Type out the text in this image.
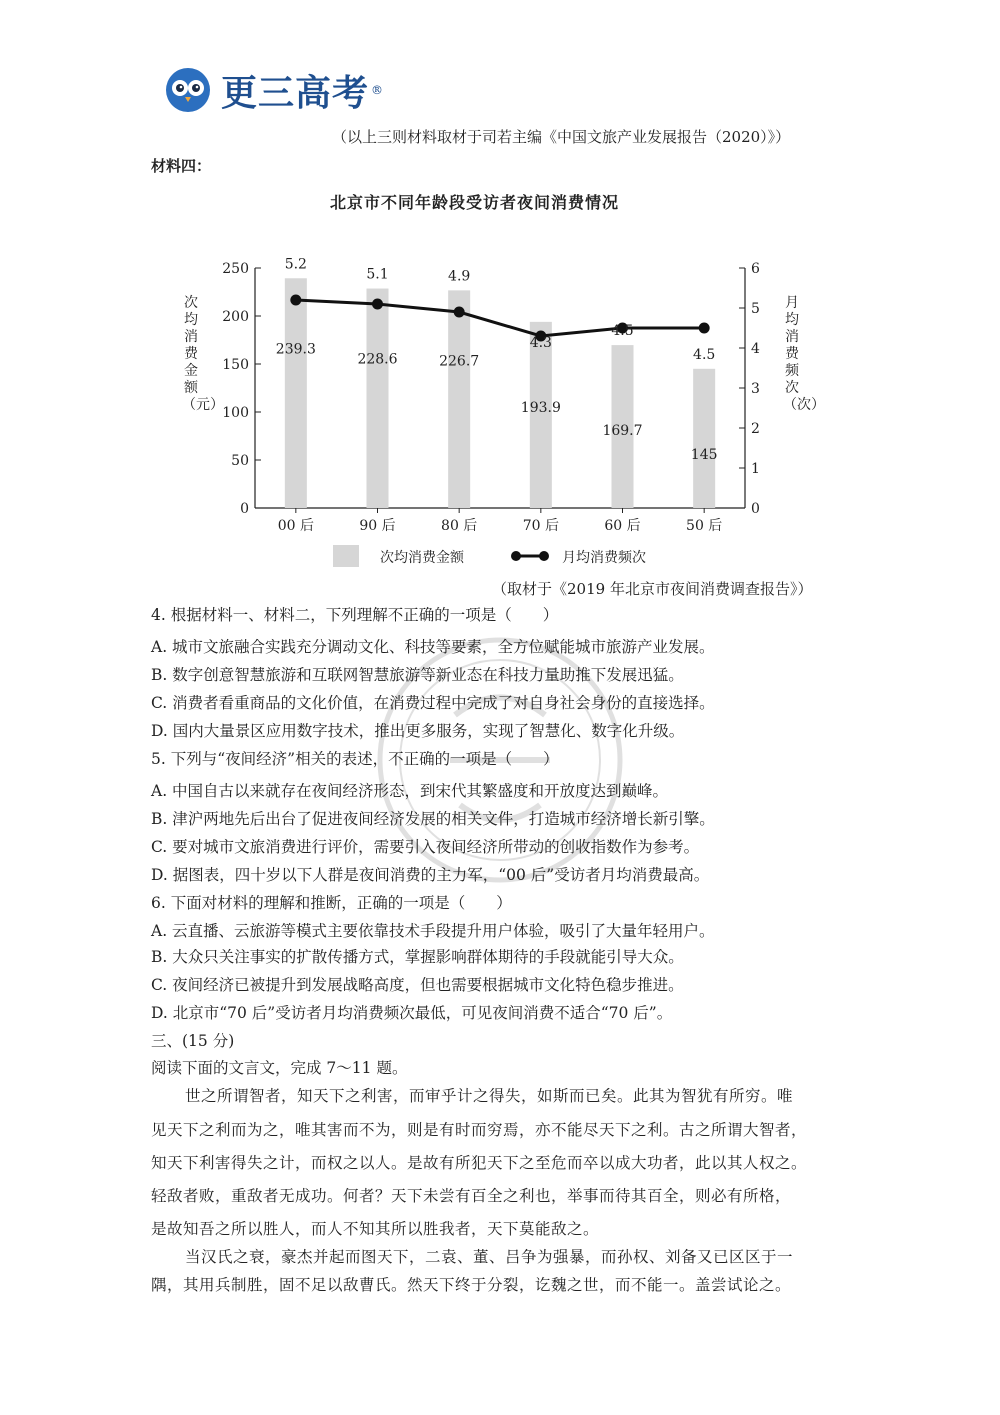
更三高考 ®
（以上三则材料取材于司若主编《中国文旅产业发展报告（2020）》）
材料四：
北京市不同年龄段受访者夜间消费情况
0
50
100
150
200
250
0
1
2
3
4
5
6
239.3
228.6	226.7
193.9
169.7
145
5.2
5.1	4.9
4.3
4.5
4.5
00 后	90 后	80 后	70 后	60 后	50 后
次均消费金额	月均消费频次
次均消费金额（元）
月均消费频次（次）
（取材于《2019 年北京市夜间消费调查报告》）
4. 根据材料一、材料二，下列理解不正确的一项是（　　）
A. 城市文旅融合实践充分调动文化、科技等要素，全方位赋能城市旅游产业发展。
B. 数字创意智慧旅游和互联网智慧旅游等新业态在科技力量助推下发展迅猛。
C. 消费者看重商品的文化价值，在消费过程中完成了对自身社会身份的直接选择。
D. 国内大量景区应用数字技术，推出更多服务，实现了智慧化、数字化升级。
5. 下列与“夜间经济”相关的表述，不正确的一项是（　　）
A. 中国自古以来就存在夜间经济形态，到宋代其繁盛度和开放度达到巅峰。
B. 津沪两地先后出台了促进夜间经济发展的相关文件，打造城市经济增长新引擎。
C. 要对城市文旅消费进行评价，需要引入夜间经济所带动的创收指数作为参考。
D. 据图表，四十岁以下人群是夜间消费的主力军，“00 后”受访者月均消费最高。
6. 下面对材料的理解和推断，正确的一项是（　　）
A. 云直播、云旅游等模式主要依靠技术手段提升用户体验，吸引了大量年轻用户。
B. 大众只关注事实的扩散传播方式，掌握影响群体期待的手段就能引导大众。
C. 夜间经济已被提升到发展战略高度，但也需要根据城市文化特色稳步推进。
D. 北京市“70 后”受访者月均消费频次最低，可见夜间消费不适合“70 后”。
三、(15 分)
阅读下面的文言文，完成 7～11 题。
世之所谓智者，知天下之利害，而审乎计之得失，如斯而已矣。此其为智犹有所穷。唯
见天下之利而为之，唯其害而不为，则是有时而穷焉，亦不能尽天下之利。古之所谓大智者，
知天下利害得失之计，而权之以人。是故有所犯天下之至危而卒以成大功者，此以其人权之。
轻敌者败，重敌者无成功。何者？天下未尝有百全之利也，举事而待其百全，则必有所格，
是故知吾之所以胜人，而人不知其所以胜我者，天下莫能敌之。
当汉氏之衰，豪杰并起而图天下，二袁、董、吕争为强暴，而孙权、刘备又已区区于一
隅，其用兵制胜，固不足以敌曹氏。然天下终于分裂，讫魏之世，而不能一。盖尝试论之。
